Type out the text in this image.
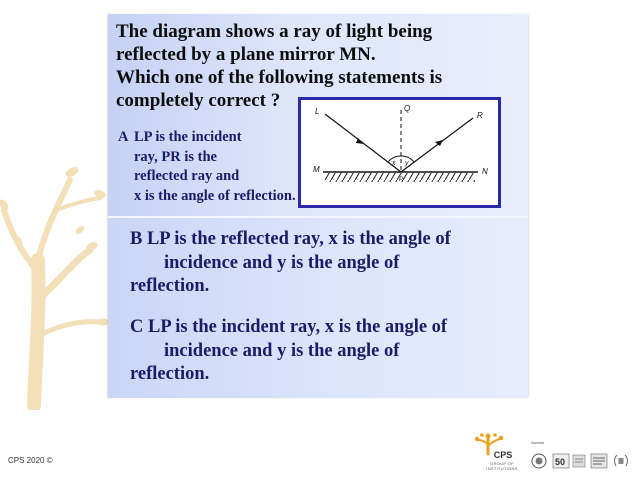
The diagram shows a ray of light being
reflected by a plane mirror MN.
Which one of the following statements is
completely correct ?
A LP is the incident
ray, PR is the
reflected ray and
x is the angle of reflection.
L	Q
R
M	N
P
x y
B LP is the reflected ray, x is the angle of
incidence and y is the angle of
reflection.
C LP is the incident ray, x is the angle of
incidence and y is the angle of
reflection.
CPS 2020 ©
CPS
GROUP OF INSTITUTIONS
Awards
50
